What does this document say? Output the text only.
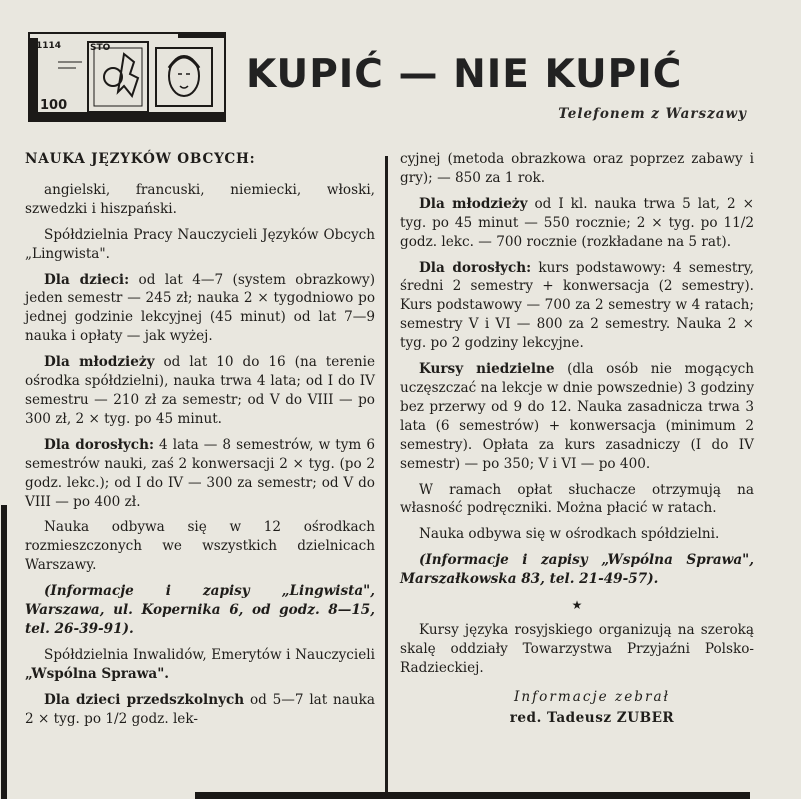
1114	STO
100
KUPIĆ — NIE KUPIĆ
Telefonem z Warszawy

NAUKA JĘZYKÓW OBCYCH:

angielski, francuski, niemiecki, włoski, szwedzki i hiszpański.

Spółdzielnia Pracy Nauczycieli Języków Obcych „Lingwista".

Dla dzieci: od lat 4—7 (system obrazkowy) jeden semestr — 245 zł; nauka 2 × tygodniowo po jednej godzinie lekcyjnej (45 minut) od lat 7—9 nauka i opłaty — jak wyżej.

Dla młodzieży od lat 10 do 16 (na terenie ośrodka spółdzielni), nauka trwa 4 lata; od I do IV semestru — 210 zł za semestr; od V do VIII — po 300 zł, 2 × tyg. po 45 minut.

Dla dorosłych: 4 lata — 8 semestrów, w tym 6 semestrów nauki, zaś 2 konwersacji 2 × tyg. (po 2 godz. lekc.); od I do IV — 300 za semestr; od V do VIII — po 400 zł.

Nauka odbywa się w 12 ośrodkach rozmieszczonych we wszystkich dzielnicach Warszawy.

(Informacje i zapisy „Lingwista", Warszawa, ul. Kopernika 6, od godz. 8—15, tel. 26-39-91).

Spółdzielnia Inwalidów, Emerytów i Nauczycieli „Wspólna Sprawa".

Dla dzieci przedszkolnych od 5—7 lat nauka 2 × tyg. po 1/2 godz. lek-

cyjnej (metoda obrazkowa oraz poprzez zabawy i gry); — 850 za 1 rok.

Dla młodzieży od I kl. nauka trwa 5 lat, 2 × tyg. po 45 minut — 550 rocznie; 2 × tyg. po 11/2 godz. lekc. — 700 rocznie (rozkładane na 5 rat).

Dla dorosłych: kurs podstawowy: 4 semestry, średni 2 semestry + konwersacja (2 semestry). Kurs podstawowy — 700 za 2 semestry w 4 ratach; semestry V i VI — 800 za 2 semestry. Nauka 2 × tyg. po 2 godziny lekcyjne.

Kursy niedzielne (dla osób nie mogących uczęszczać na lekcje w dnie powszednie) 3 godziny bez przerwy od 9 do 12. Nauka zasadnicza trwa 3 lata (6 semestrów) + konwersacja (minimum 2 semestry). Opłata za kurs zasadniczy (I do IV semestr) — po 350; V i VI — po 400.

W ramach opłat słuchacze otrzymują na własność podręczniki. Można płacić w ratach.

Nauka odbywa się w ośrodkach spółdzielni.

(Informacje i zapisy „Wspólna Sprawa", Marszałkowska 83, tel. 21-49-57).

★

Kursy języka rosyjskiego organizują na szeroką skalę oddziały Towarzystwa Przyjaźni Polsko-Radzieckiej.

Informacje zebrał

red. Tadeusz ZUBER
